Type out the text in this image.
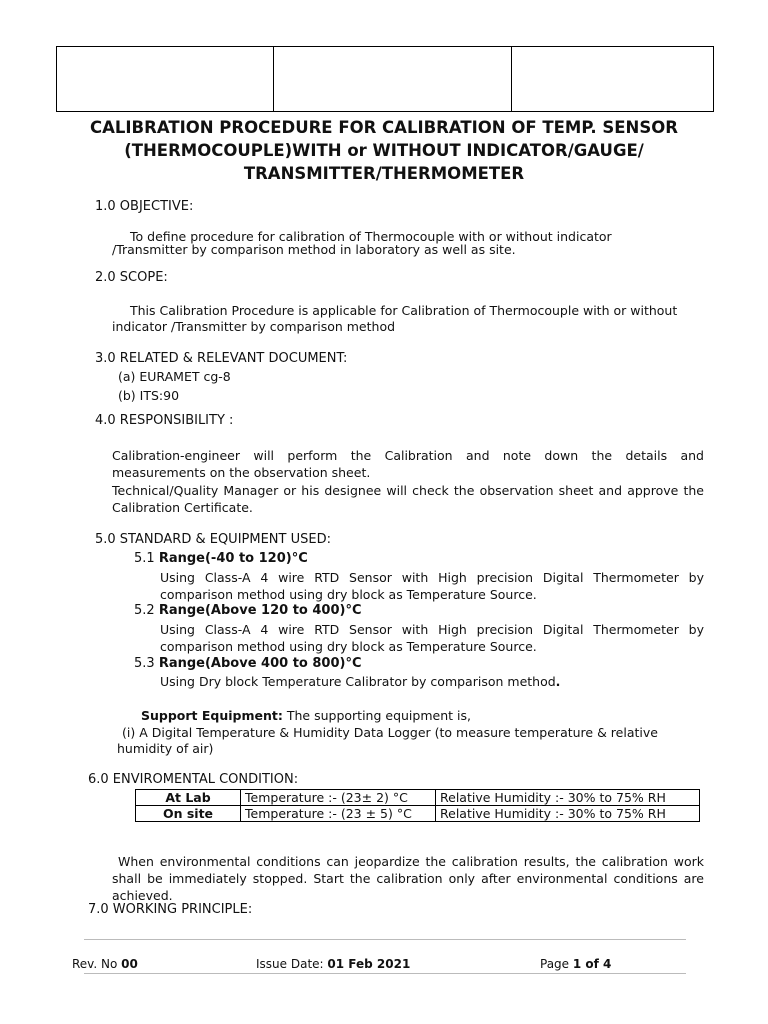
CALIBRATION PROCEDURE FOR CALIBRATION OF TEMP. SENSOR
(THERMOCOUPLE)WITH or WITHOUT INDICATOR/GAUGE/
TRANSMITTER/THERMOMETER
1.0 OBJECTIVE:
To define procedure for calibration of Thermocouple with or without indicator
/Transmitter by comparison method in laboratory as well as site.
2.0 SCOPE:
This Calibration Procedure is applicable for Calibration of Thermocouple with or without
indicator /Transmitter by comparison method
3.0 RELATED & RELEVANT DOCUMENT:
(a) EURAMET cg-8
(b) ITS:90
4.0 RESPONSIBILITY :
Calibration-engineer will perform the Calibration and note down the details and measurements on the observation sheet.
Technical/Quality Manager or his designee will check the observation sheet and approve the Calibration Certificate.
5.0 STANDARD & EQUIPMENT USED:
5.1 Range(-40 to 120)°C
Using Class-A 4 wire RTD Sensor with High precision Digital Thermometer by comparison method using dry block as Temperature Source.
5.2 Range(Above 120 to 400)°C
Using Class-A 4 wire RTD Sensor with High precision Digital Thermometer by comparison method using dry block as Temperature Source.
5.3 Range(Above 400 to 800)°C
Using Dry block Temperature Calibrator by comparison method.
Support Equipment: The supporting equipment is,
(i) A Digital Temperature & Humidity Data Logger (to measure temperature & relative
humidity of air)
6.0 ENVIROMENTAL CONDITION:
At Lab	Temperature :- (23± 2) °C	Relative Humidity :- 30% to 75% RH
On site	Temperature :- (23 ± 5) °C	Relative Humidity :- 30% to 75% RH
When environmental conditions can jeopardize the calibration results, the calibration work shall be immediately stopped. Start the calibration only after environmental conditions are achieved.
7.0 WORKING PRINCIPLE:
Rev. No 00	Issue Date: 01 Feb 2021	Page 1 of 4
